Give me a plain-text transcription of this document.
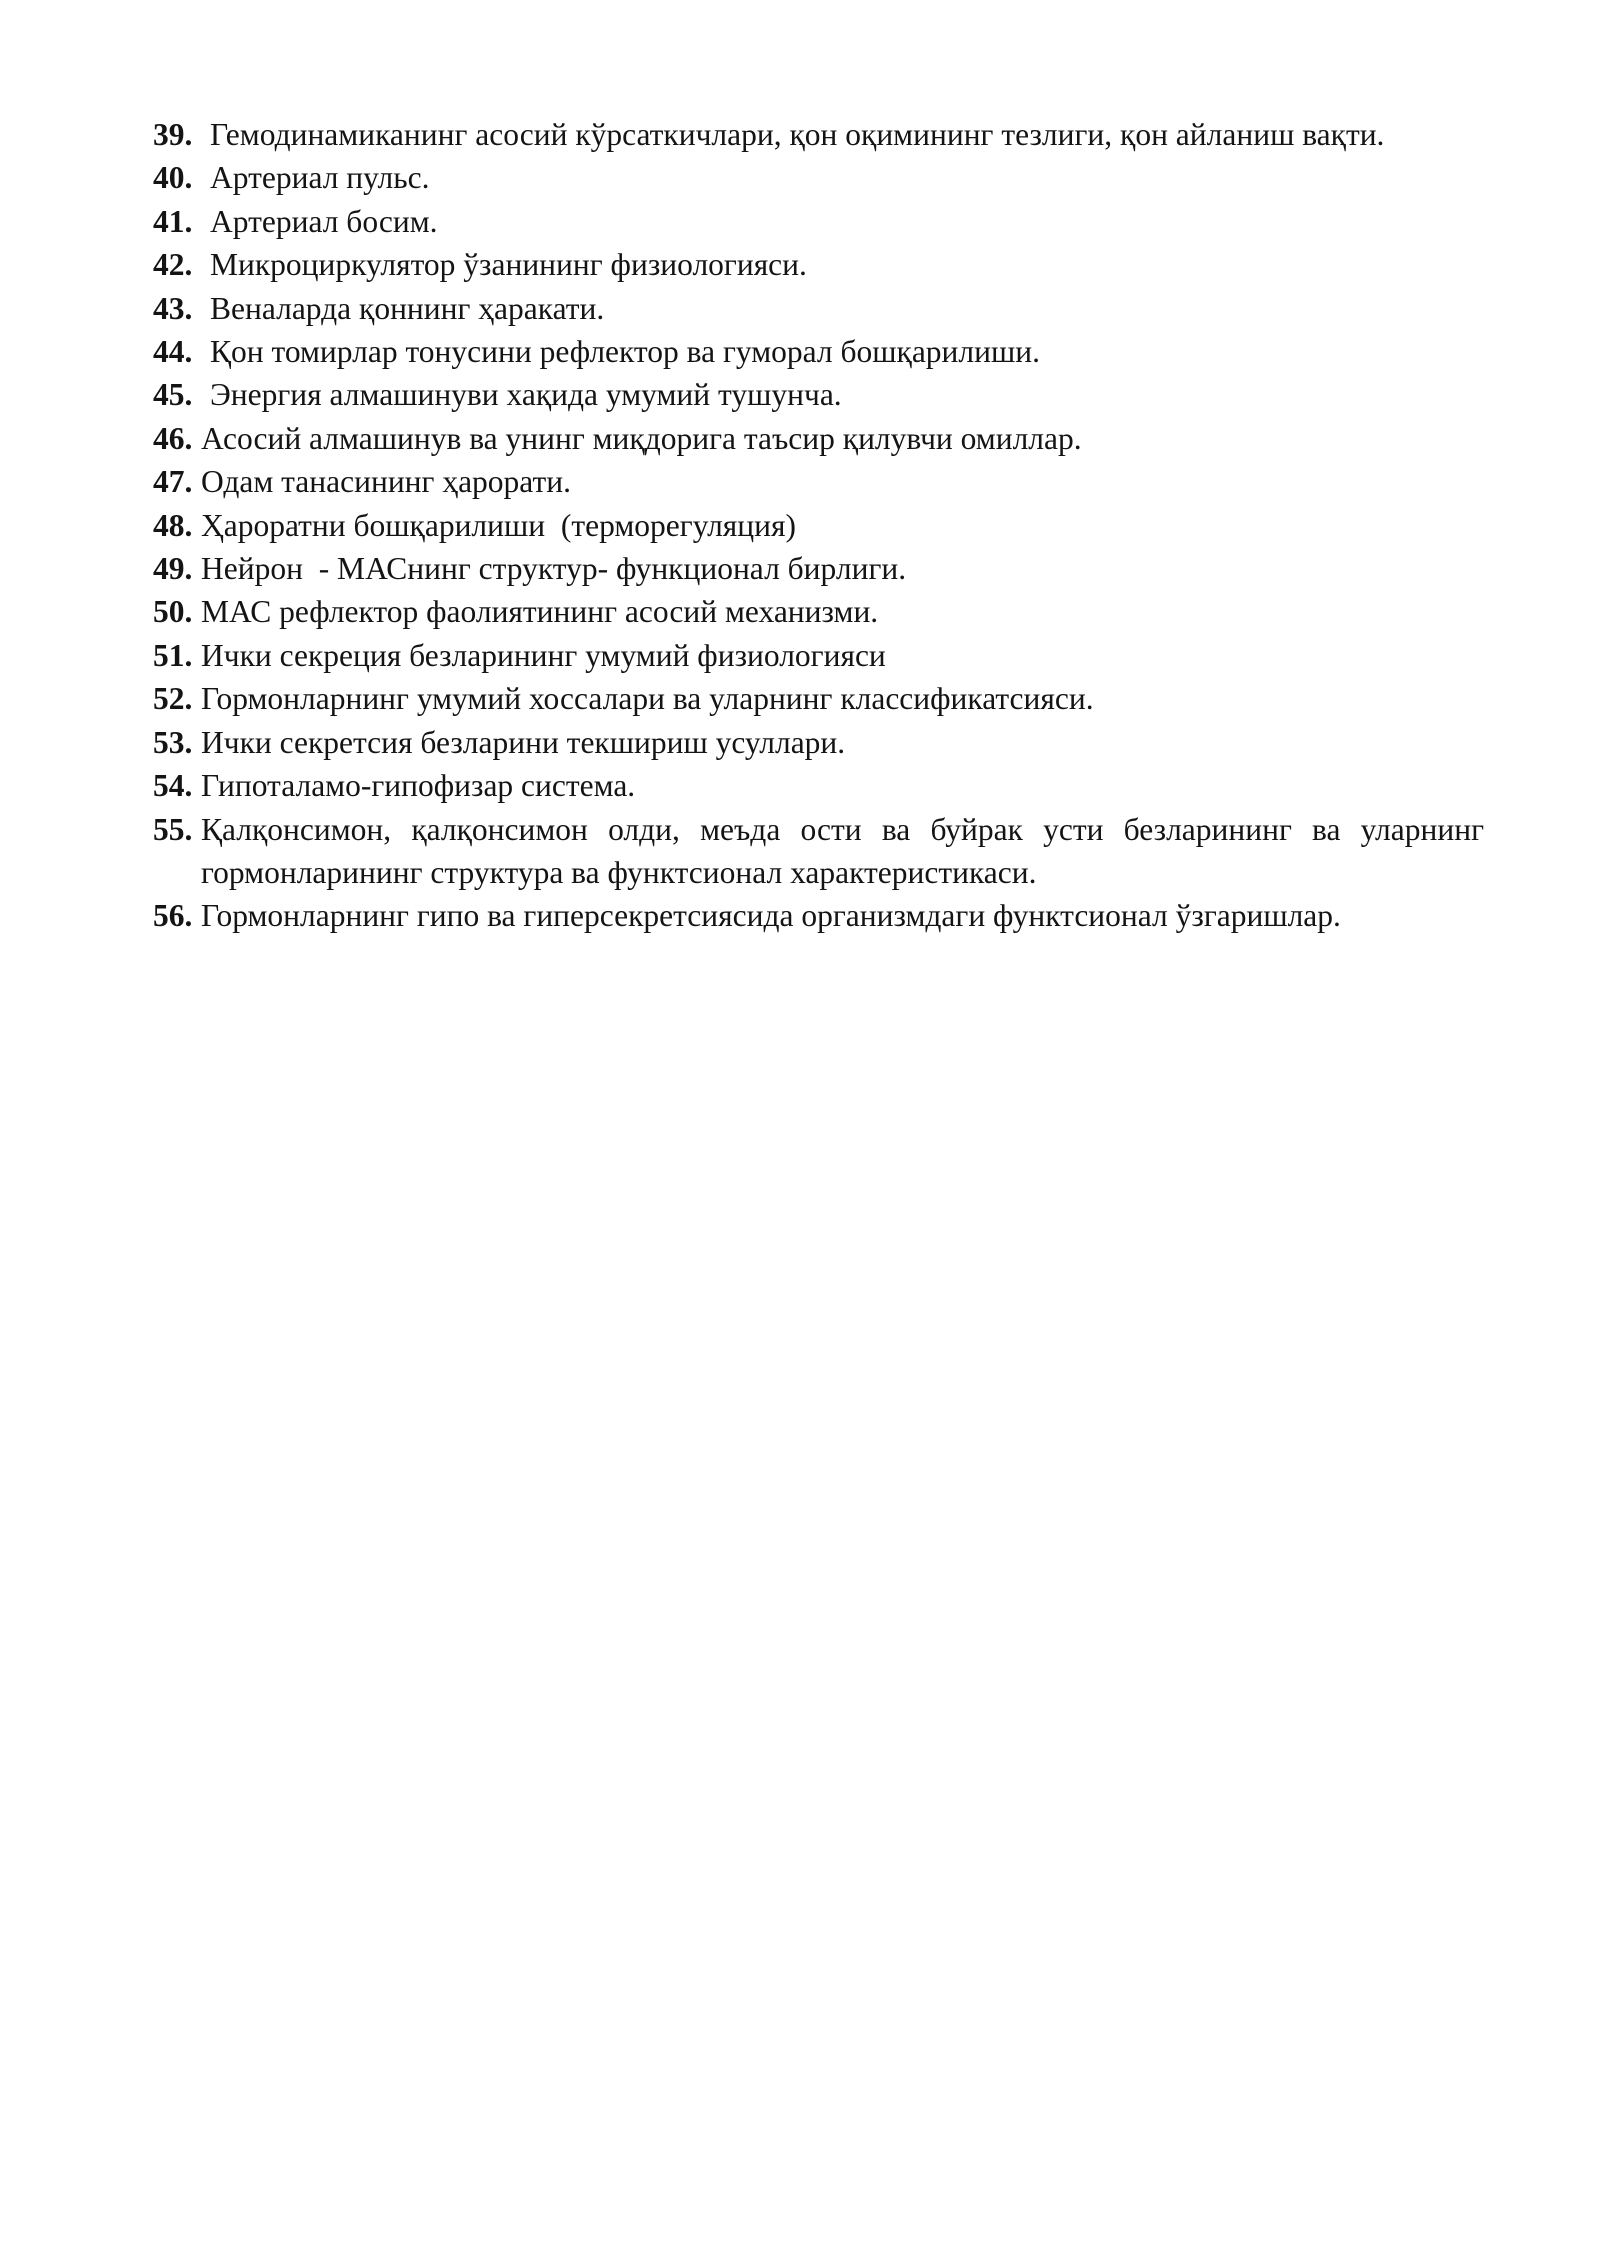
39. Гемодинамиканинг асосий кўрсаткичлари, қон оқимининг тезлиги, қон айланиш вақти.
40. Артериал пульс.
41. Артериал босим.
42. Микроциркулятор ўзанининг физиологияси.
43. Веналарда қоннинг ҳаракати.
44. Қон томирлар тонусини рефлектор ва гуморал бошқарилиши.
45. Энергия алмашинуви хақида умумий тушунча.
46. Асосий алмашинув ва унинг миқдорига таъсир қилувчи омиллар.
47. Одам танасининг ҳарорати.
48. Ҳароратни бошқарилиши  (терморегуляция)
49. Нейрон  - МАСнинг структур- функционал бирлиги.
50. МАС рефлектор фаолиятининг асосий механизми.
51. Ички секреция безларининг умумий физиологияси
52. Гормонларнинг умумий хоссалари ва уларнинг классификатсияси.
53. Ички секретсия безларини текшириш усуллари.
54. Гипоталамо-гипофизар система.
55. Қалқонсимон, қалқонсимон олди, меъда ости ва буйрак усти безларининг ва уларнинг гормонларининг структура ва функтсионал характеристикаси.
56. Гормонларнинг гипо ва гиперсекретсиясида организмдаги функтсионал ўзгаришлар.
